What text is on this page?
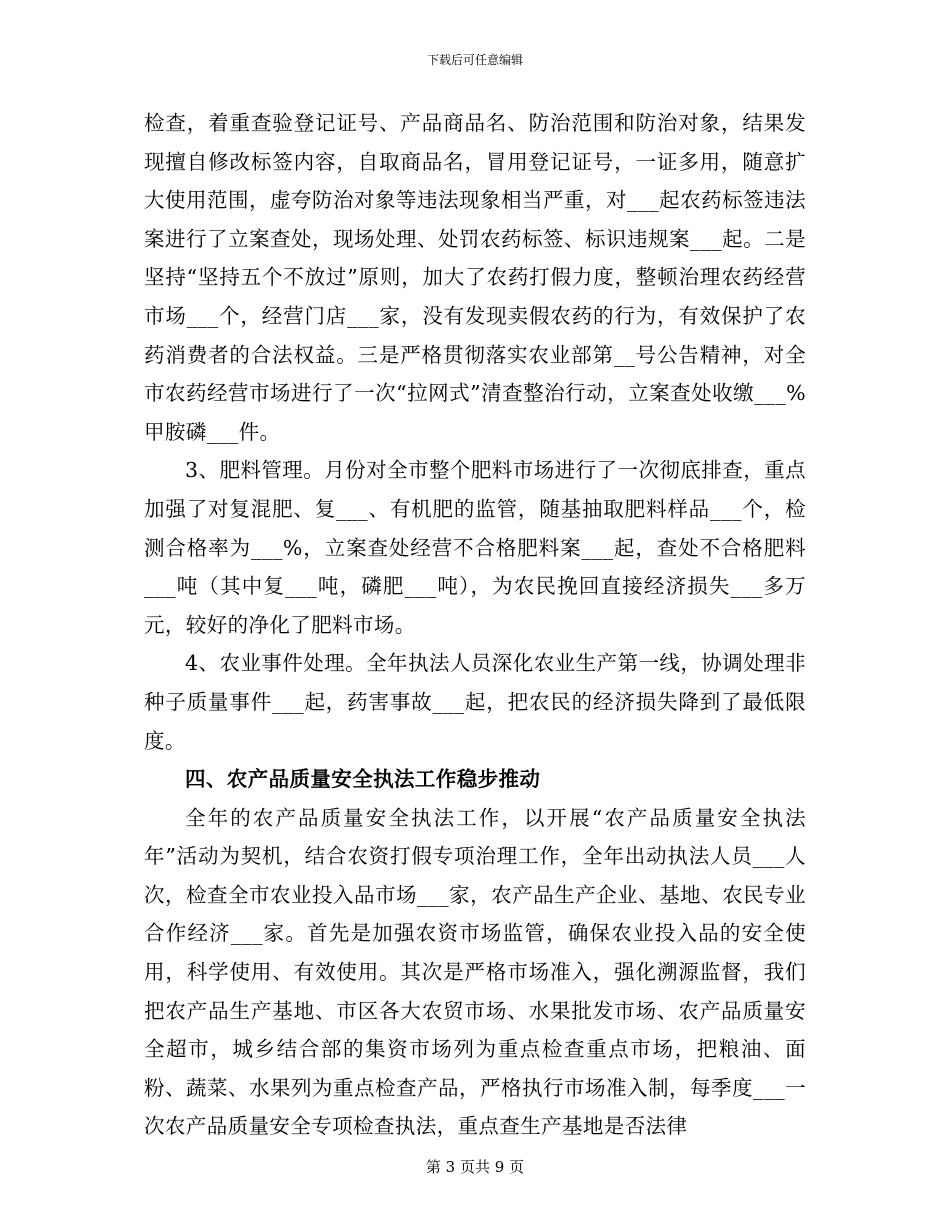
下载后可任意编辑

检查，着重查验登记证号、产品商品名、防治范围和防治对象，结果发现擅自修改标签内容，自取商品名，冒用登记证号，一证多用，随意扩大使用范围，虚夸防治对象等违法现象相当严重，对___起农药标签违法案进行了立案查处，现场处理、处罚农药标签、标识违规案___起。二是坚持“坚持五个不放过”原则，加大了农药打假力度，整顿治理农药经营市场___个，经营门店___家，没有发现卖假农药的行为，有效保护了农药消费者的合法权益。三是严格贯彻落实农业部第__号公告精神，对全市农药经营市场进行了一次“拉网式”清查整治行动，立案查处收缴___%甲胺磷___件。

3、肥料管理。月份对全市整个肥料市场进行了一次彻底排查，重点加强了对复混肥、复___、有机肥的监管，随基抽取肥料样品___个，检测合格率为___%，立案查处经营不合格肥料案___起，查处不合格肥料___吨（其中复___吨，磷肥___吨），为农民挽回直接经济损失___多万元，较好的净化了肥料市场。

4、农业事件处理。全年执法人员深化农业生产第一线，协调处理非种子质量事件___起，药害事故___起，把农民的经济损失降到了最低限度。

四、农产品质量安全执法工作稳步推动

全年的农产品质量安全执法工作，以开展“农产品质量安全执法年”活动为契机，结合农资打假专项治理工作，全年出动执法人员___人次，检查全市农业投入品市场___家，农产品生产企业、基地、农民专业合作经济___家。首先是加强农资市场监管，确保农业投入品的安全使用，科学使用、有效使用。其次是严格市场准入，强化溯源监督，我们把农产品生产基地、市区各大农贸市场、水果批发市场、农产品质量安全超市，城乡结合部的集资市场列为重点检查重点市场，把粮油、面粉、蔬菜、水果列为重点检查产品，严格执行市场准入制，每季度___一次农产品质量安全专项检查执法，重点查生产基地是否法律

第 3 页共 9 页
